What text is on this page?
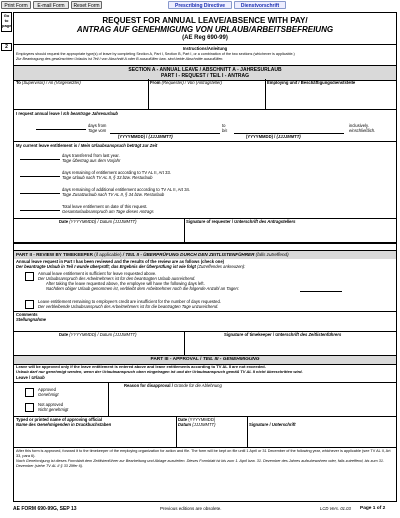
Print Form	E-mail Form	Reset Form	Prescribing Directive	Dienstvorschrift
Go to page
2
REQUEST FOR ANNUAL LEAVE/ABSENCE WITH PAY/
ANTRAG AUF GENEHMIGUNG VON URLAUB/ARBEITSBEFREIUNG
(AE Reg 690-99)
Instructions/Anleitung
Employees should request the appropriate type(s) of leave by completing Section A, Part I, Section B, Part I, or a combination of the two sections (whichever is applicable.)
Zur Beantragung des gewünschten Urlaubs ist Teil I von Abschnitt A oder B auszufüllen bzw. sind beide Abschnitte auszufüllen.
SECTION A - ANNUAL LEAVE / ABSCHNITT A - JAHRESURLAUB
PART I - REQUEST / TEIL I - ANTRAG
To (Supervisor) / An (Vorgesetzter)	From (Requester) / Von (Antragsteller)	Employing unit / Beschäftigungsdienststelle
I request annual leave / Ich beantrage Jahresurlaub
days from
Tage vom
to
bis
inclusively.
einschließlich.
(YYYYMMDD) / (JJJJMMTT)	(YYYYMMDD) / (JJJJMMTT)
My current leave entitlement is / Mein Urlaubsanspruch beträgt zur Zeit
days transferred from last year.
Tage Übertrag aus dem Vorjahr
days remaining of entitlement according to TV AL II, Art 33.
Tage Urlaub nach TV AL II, § 33 bzw. Resturlaub
days remaining of additional entitlement according to TV AL II, Art 34.
Tage Zusatzurlaub nach TV AL II, § 34 bzw. Resturlaub
Total leave entitlement on date of this request.
Gesamturlaubsanspruch am Tage dieses Antrags
Date (YYYYMMDD) / Datum (JJJJMMTT)	Signature of requester / Unterschrift des Antragstellers
PART II - REVIEW BY TIMEKEEPER (if applicable) / TEIL II - ÜBERPRÜFUNG DURCH DEN ZEITLISTENFÜHRER (falls zutreffend)
Annual leave request in Part I has been reviewed and the results of the review are as follows (check one)
Der beantragte Urlaub in Teil I wurde überprüft; das Ergebnis der Überprüfung ist wie folgt (Zutreffendes ankreuzen):
Annual leave entitlement is sufficient for leave requested above.
Der Urlaubsanspruch des Arbeitnehmers ist für den beantragten Urlaub ausreichend.
After taking the leave requested above, the employee will have the following days left.
Nachdem obiger Urlaub genommen ist, verbleibt dem Arbeitnehmer noch die folgende Anzahl an Tagen:
Leave entitlement remaining to employee's credit are insufficient for the number of days requested.
Der verbleibende Urlaubsanspruch des Arbeitnehmers ist für die beantragten Tage unzureichend.
Comments
Stellungnahme
Date (YYYYMMDD) / Datum (JJJJMMTT)	Signature of timekeeper / Unterschrift des Zeitlistenführers
PART III - APPROVAL / TEIL III - GENEHMIGUNG
Leave will be approved only if the leave entitlement is entered above and leave entitlements according to TV AL II are not exceeded.
Urlaub darf nur genehmigt werden, wenn der Urlaubsanspruch oben eingetragen ist und der Urlaubsanspruch gemäß TV AL II nicht überschritten wird.
Leave / Urlaub
Approved
Genehmigt
Not approved
Nicht genehmigt
Reason for disapproval / Gründe für die Ablehnung
Typed or printed name of approving official
Name des Genehmigenden in Druckbuchstaben
Date (YYYYMMDD)
Datum (JJJJMMTT)	Signature / Unterschrift
After this form is approved, forward it to the timekeeper of the employing organization for action and file. The form will be kept on file until 1 April or 31 December of the following year, whichever is applicable (see TV AL II, Art 33, para 6).
Nach Genehmigung ist dieses Formblatt dem Zeitlistenführer zur Bearbeitung und Ablage zuzuleiten. Dieses Formblatt ist bis zum 1. April bzw. 31. Dezember des Jahres aufzubewahren oder, falls zutreffend, bis zum 31. Dezember (siehe TV AL II § 33 Ziffer 6).
AE FORM 690-99G, SEP 13	Previous editions are obsolete.	LCD Vers. 01.03 Page 1 of 2
